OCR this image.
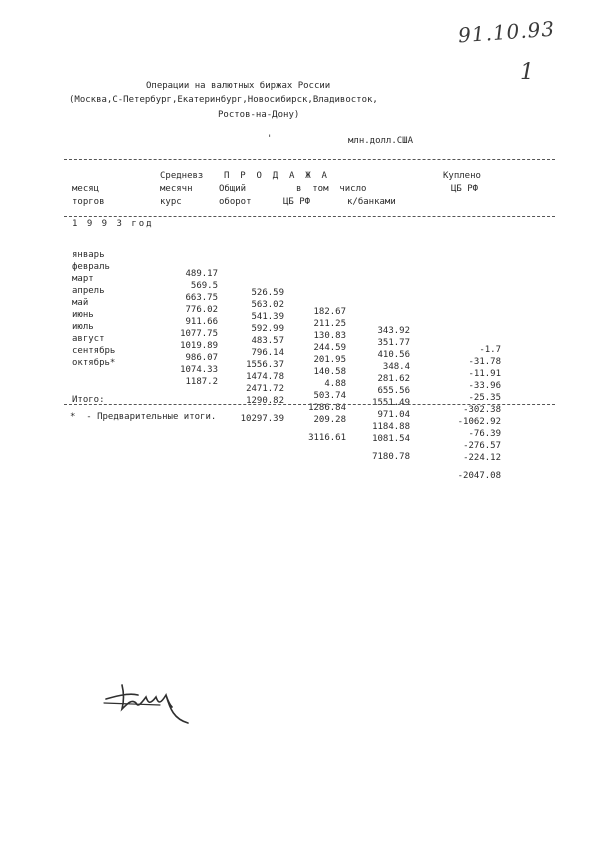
91.10.93
1
Операции на валютных биржах России
(Москва,С-Петербург,Екатеринбург,Новосибирск,Владивосток,
Ростов-на-Дону)
'	млн.долл.США
месяц
торгов
Средневз
месячн
курс
П  Р  О  Д  А  Ж  А
Общий
оборот
в  том  число
ЦБ РФ	к/банками
Куплено
ЦБ РФ
1 9 9 3 год

январь

489.17

526.59

182.67

343.92

-1.7

февраль

569.5

563.02

211.25

351.77

-31.78

март

663.75

541.39

130.83

410.56

-11.91

апрель

776.02

592.99

244.59

348.4

-33.96

май

911.66

483.57

201.95

281.62

-25.35

июнь

1077.75

796.14

140.58

655.56

-302.38

июль

1019.89

1556.37

4.88

1551.49

-1062.92

август

986.07

1474.78

503.74

971.04

-76.39

сентябрь

1074.33

2471.72

1286.84

1184.88

-276.57

октябрь*

1187.2

1290.82

209.28

1081.54

-224.12

Итого:

10297.39

3116.61

7180.78

-2047.08

*  - Предварительные итоги.
